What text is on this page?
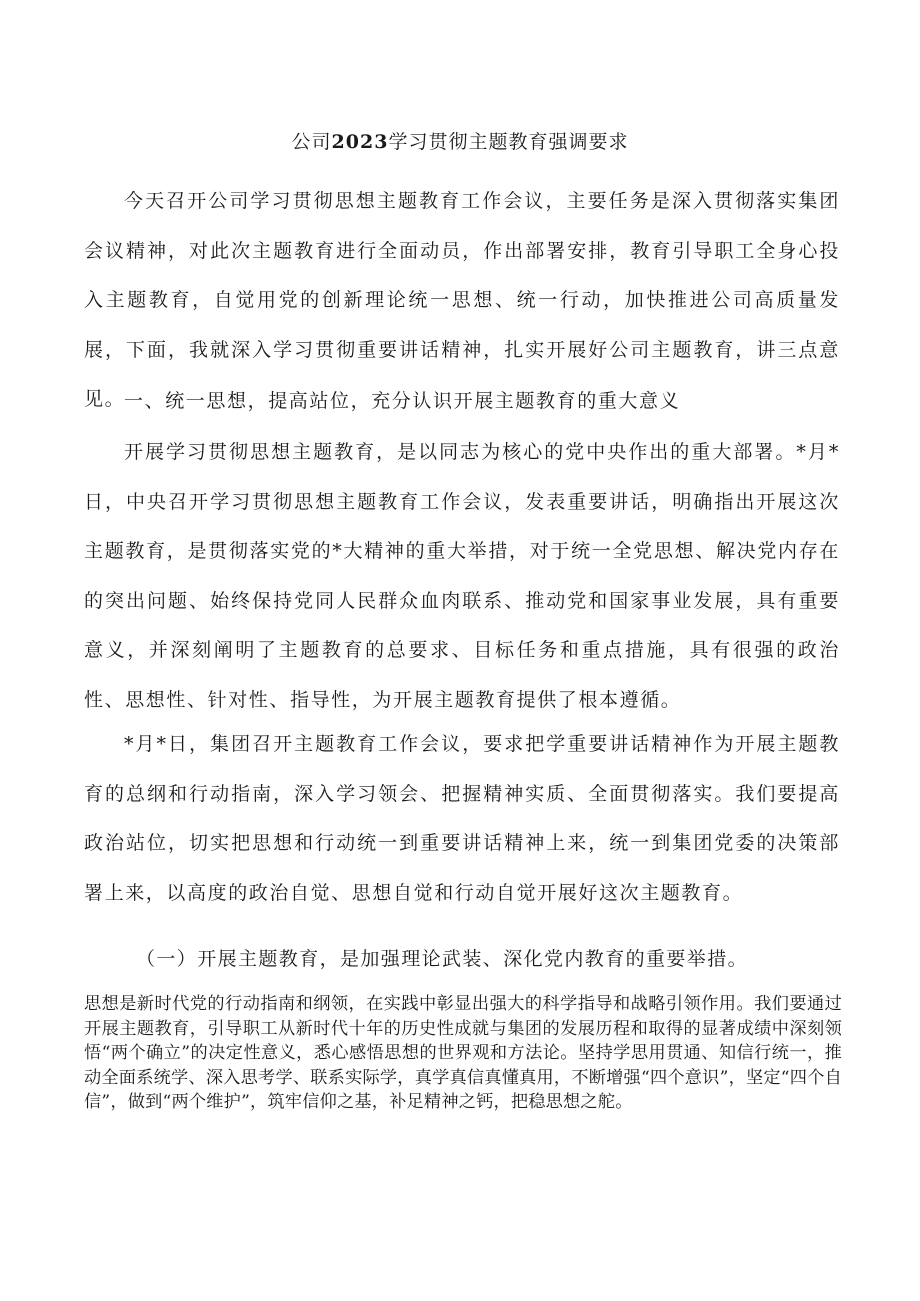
公司2023学习贯彻主题教育强调要求

今天召开公司学习贯彻思想主题教育工作会议，主要任务是深入贯彻落实集团会议精神，对此次主题教育进行全面动员，作出部署安排，教育引导职工全身心投入主题教育，自觉用党的创新理论统一思想、统一行动，加快推进公司高质量发展，下面，我就深入学习贯彻重要讲话精神，扎实开展好公司主题教育，讲三点意见。

一、统一思想，提高站位，充分认识开展主题教育的重大意义

开展学习贯彻思想主题教育，是以同志为核心的党中央作出的重大部署。*月*日，中央召开学习贯彻思想主题教育工作会议，发表重要讲话，明确指出开展这次主题教育，是贯彻落实党的*大精神的重大举措，对于统一全党思想、解决党内存在的突出问题、始终保持党同人民群众血肉联系、推动党和国家事业发展，具有重要意义，并深刻阐明了主题教育的总要求、目标任务和重点措施，具有很强的政治性、思想性、针对性、指导性，为开展主题教育提供了根本遵循。

*月*日，集团召开主题教育工作会议，要求把学重要讲话精神作为开展主题教育的总纲和行动指南，深入学习领会、把握精神实质、全面贯彻落实。我们要提高政治站位，切实把思想和行动统一到重要讲话精神上来，统一到集团党委的决策部署上来，以高度的政治自觉、思想自觉和行动自觉开展好这次主题教育。

（一）开展主题教育，是加强理论武装、深化党内教育的重要举措。

思想是新时代党的行动指南和纲领，在实践中彰显出强大的科学指导和战略引领作用。我们要通过开展主题教育，引导职工从新时代十年的历史性成就与集团的发展历程和取得的显著成绩中深刻领悟“两个确立”的决定性意义，悉心感悟思想的世界观和方法论。坚持学思用贯通、知信行统一，推动全面系统学、深入思考学、联系实际学，真学真信真懂真用，不断增强“四个意识”，坚定“四个自信”，做到“两个维护”，筑牢信仰之基，补足精神之钙，把稳思想之舵。
